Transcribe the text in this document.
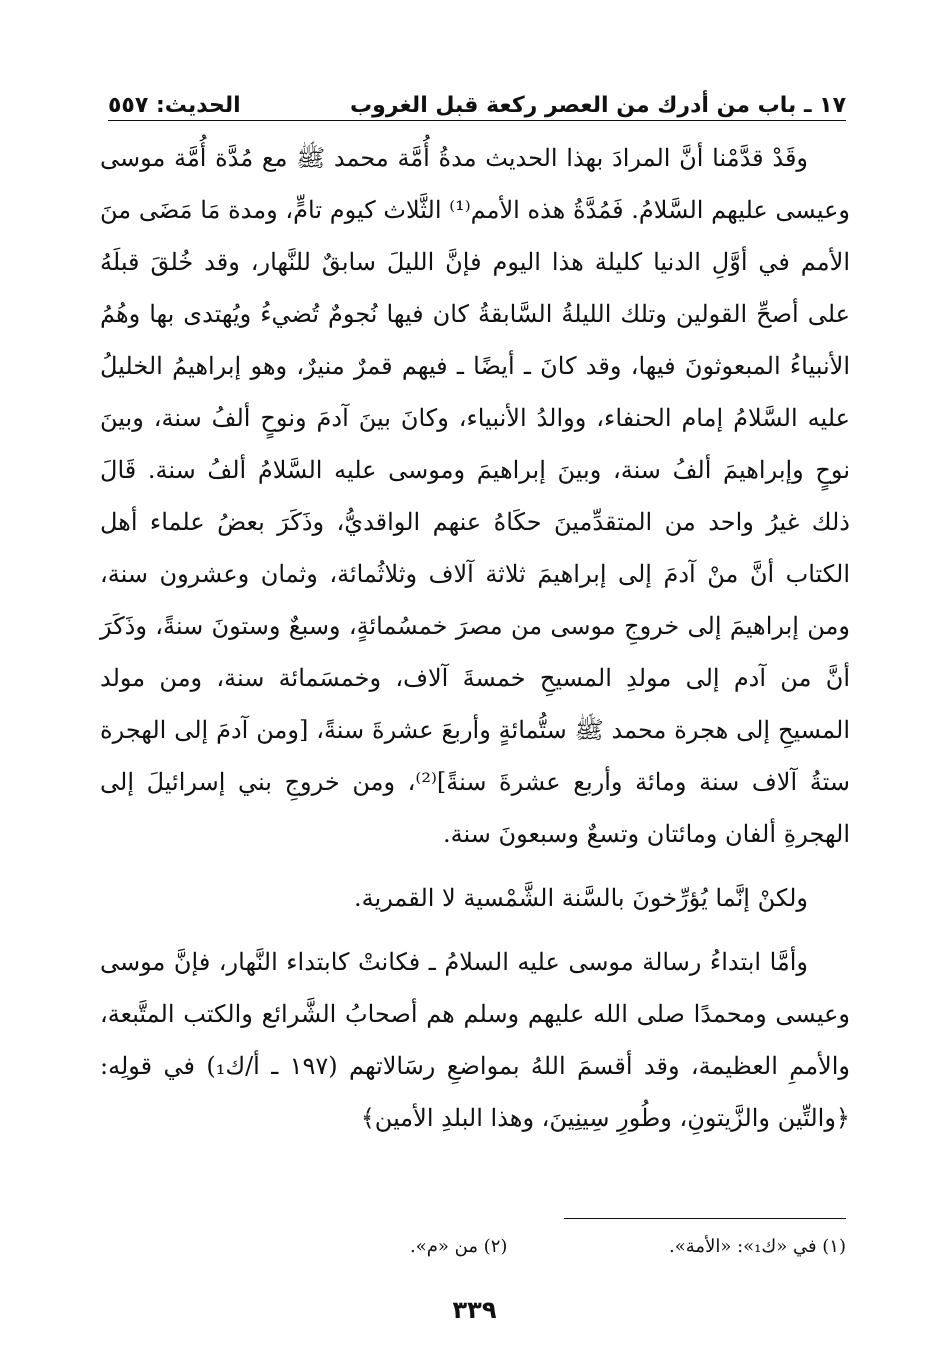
١٧ ـ باب من أدرك من العصر ركعة قبل الغروب
الحديث: ٥٥٧

وقَدْ قدَّمْنا أنَّ المرادَ بهذا الحديث مدةُ أُمَّة محمد ﷺ مع مُدَّة أُمَّة موسى وعيسى عليهم السَّلامُ. فَمُدَّةُ هذه الأمم⁽¹⁾ الثَّلاث كيوم تامٍّ، ومدة مَا مَضَى منَ الأمم في أوَّلِ الدنيا كليلة هذا اليوم فإنَّ الليلَ سابقٌ للنَّهار، وقد خُلقَ قبلَهُ على أصحِّ القولين وتلك الليلةُ السَّابقةُ كان فيها نُجومٌ تُضيءُ ويُهتدى بها وهُمُ الأنبياءُ المبعوثونَ فيها، وقد كانَ ـ أيضًا ـ فيهم قمرٌ منيرٌ، وهو إبراهيمُ الخليلُ عليه السَّلامُ إمام الحنفاء، ووالدُ الأنبياء، وكانَ بينَ آدمَ ونوحٍ ألفُ سنة، وبينَ نوحٍ وإبراهيمَ ألفُ سنة، وبينَ إبراهيمَ وموسى عليه السَّلامُ ألفُ سنة. قَالَ ذلك غيرُ واحد من المتقدِّمينَ حكَاهُ عنهم الواقديُّ، وذَكَرَ بعضُ علماء أهل الكتاب أنَّ منْ آدمَ إلى إبراهيمَ ثلاثة آلاف وثلاثُمائة، وثمان وعشرون سنة، ومن إبراهيمَ إلى خروجِ موسى من مصرَ خمسُمائةٍ، وسبعٌ وستونَ سنةً، وذَكَرَ أنَّ من آدم إلى مولدِ المسيحِ خمسةَ آلاف، وخمسَمائة سنة، ومن مولد المسيحِ إلى هجرة محمد ﷺ ستُّمائةٍ وأربعَ عشرةَ سنةً، [ومن آدمَ إلى الهجرة ستةُ آلاف سنة ومائة وأربع عشرةَ سنةً]⁽²⁾، ومن خروجِ بني إسرائيلَ إلى الهجرةِ ألفان ومائتان وتسعٌ وسبعونَ سنة.

ولكنْ إنَّما يُؤرِّخونَ بالسَّنة الشَّمْسية لا القمرية.

وأمَّا ابتداءُ رسالة موسى عليه السلامُ ـ فكانتْ كابتداء النَّهار، فإنَّ موسى وعيسى ومحمدًا صلى الله عليهم وسلم هم أصحابُ الشَّرائع والكتب المتَّبعة، والأممِ العظيمة، وقد أقسمَ اللهُ بمواضعِ رسَالاتهم (١٩٧ ـ أ/ك₁) في قولِه: ﴿والتِّين والزَّيتونِ، وطُورِ سِينِينَ، وهذا البلدِ الأمين﴾

(١) في «ك₁»: «الأمة».
(٢) من «م».
٣٣٩
